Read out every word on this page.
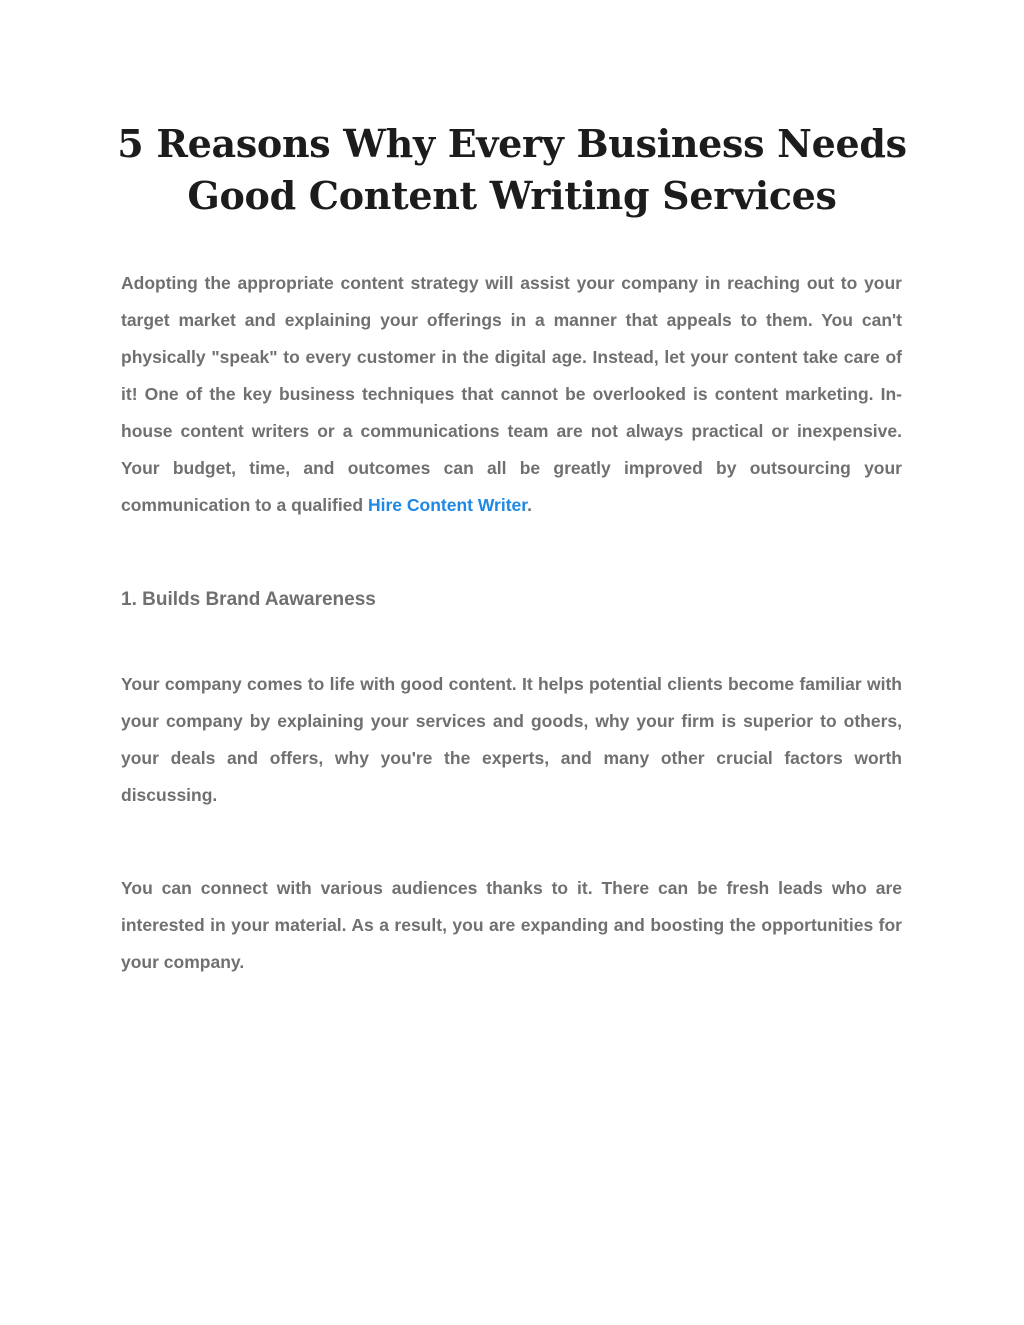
5 Reasons Why Every Business Needs Good Content Writing Services

Adopting the appropriate content strategy will assist your company in reaching out to your target market and explaining your offerings in a manner that appeals to them. You can't physically "speak" to every customer in the digital age. Instead, let your content take care of it! One of the key business techniques that cannot be overlooked is content marketing. In-house content writers or a communications team are not always practical or inexpensive. Your budget, time, and outcomes can all be greatly improved by outsourcing your communication to a qualified Hire Content Writer.

1. Builds Brand Aawareness

Your company comes to life with good content. It helps potential clients become familiar with your company by explaining your services and goods, why your firm is superior to others, your deals and offers, why you're the experts, and many other crucial factors worth discussing.

You can connect with various audiences thanks to it. There can be fresh leads who are interested in your material. As a result, you are expanding and boosting the opportunities for your company.
